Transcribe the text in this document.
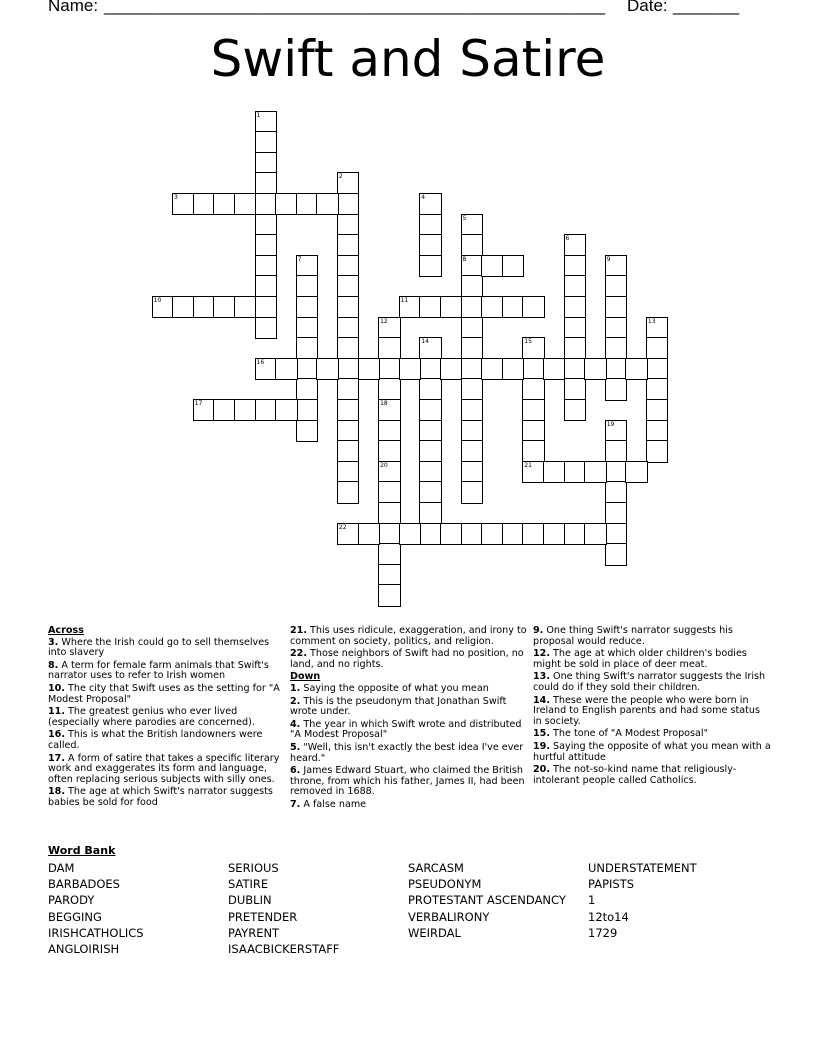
Name: _____________________________________________________ Date: _______
Swift and Satire
1
2
3	4
5
8
6
7	9
10	11
12
18
13
14	15
21
16
17
19
20
22
Across
3. Where the Irish could go to sell themselves into slavery
8. A term for female farm animals that Swift's narrator uses to refer to Irish women
10. The city that Swift uses as the setting for "A Modest Proposal"
11. The greatest genius who ever lived (especially where parodies are concerned).
16. This is what the British landowners were called.
17. A form of satire that takes a specific literary work and exaggerates its form and language, often replacing serious subjects with silly ones.
18. The age at which Swift's narrator suggests babies be sold for food
21. This uses ridicule, exaggeration, and irony to comment on society, politics, and religion.
22. Those neighbors of Swift had no position, no land, and no rights.
Down
1. Saying the opposite of what you mean
2. This is the pseudonym that Jonathan Swift wrote under.
4. The year in which Swift wrote and distributed "A Modest Proposal"
5. "Well, this isn't exactly the best idea I've ever heard."
6. James Edward Stuart, who claimed the British throne, from which his father, James II, had been removed in 1688.
7. A false name
9. One thing Swift's narrator suggests his proposal would reduce.
12. The age at which older children's bodies might be sold in place of deer meat.
13. One thing Swift's narrator suggests the Irish could do if they sold their children.
14. These were the people who were born in Ireland to English parents and had some status in society.
15. The tone of "A Modest Proposal"
19. Saying the opposite of what you mean with a hurtful attitude
20. The not-so-kind name that religiously-intolerant people called Catholics.
Word Bank
DAM
BARBADOES
PARODY
BEGGING
IRISHCATHOLICS
ANGLOIRISH
SERIOUS
SATIRE
DUBLIN
PRETENDER
PAYRENT
ISAACBICKERSTAFF
SARCASM
PSEUDONYM
PROTESTANT ASCENDANCY
VERBALIRONY
WEIRDAL
UNDERSTATEMENT
PAPISTS
1
12to14
1729
